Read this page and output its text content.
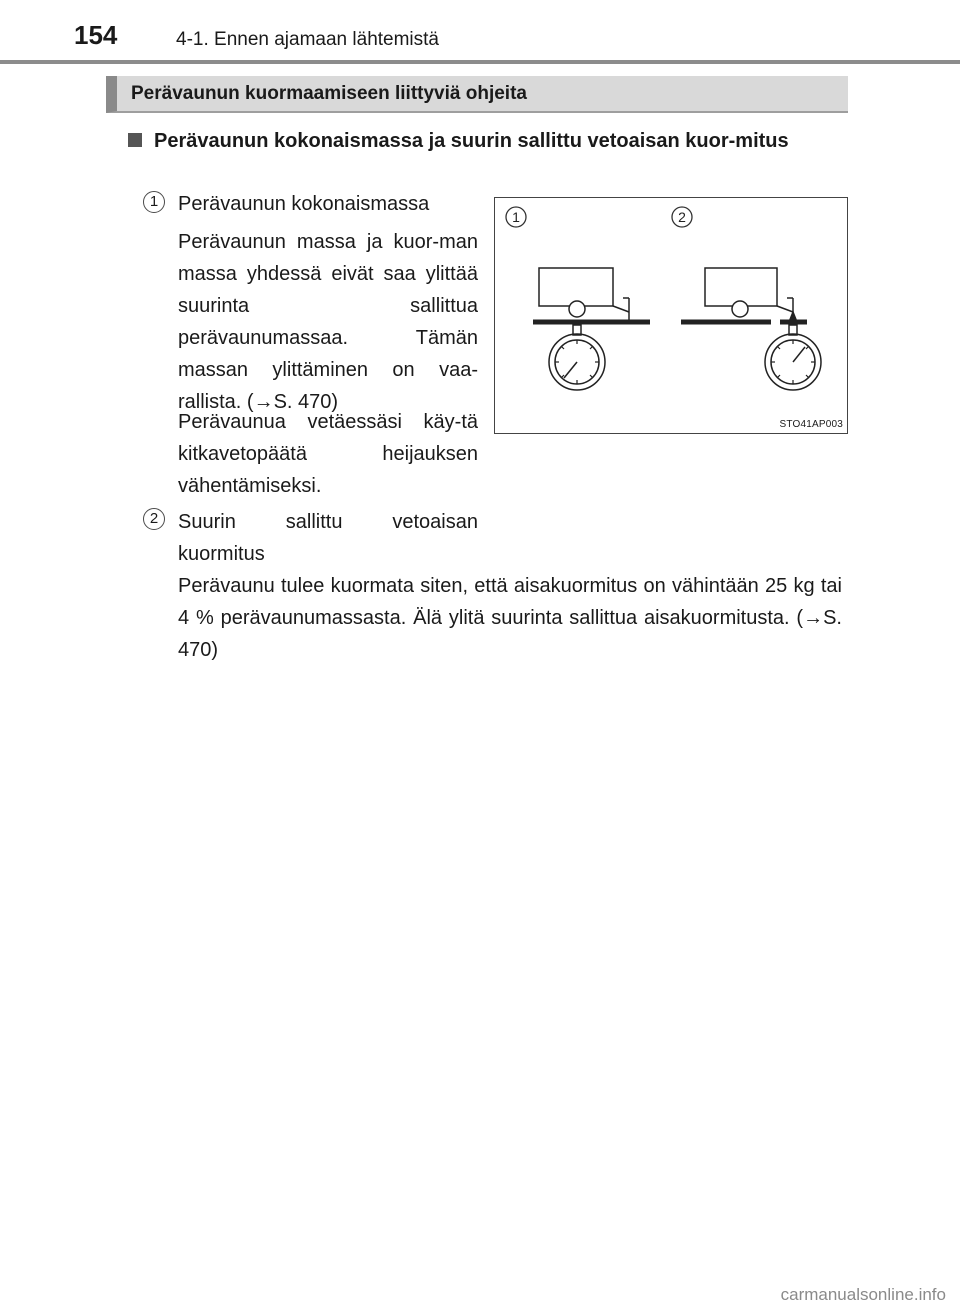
154	4-1. Ennen ajamaan lähtemistä
Perävaunun kuormaamiseen liittyviä ohjeita
Perävaunun kokonaismassa ja suurin sallittu vetoaisan kuor-mitus
1 Perävaunun kokonaismassa

Perävaunun massa ja kuor-man massa yhdessä eivät saa ylittää suurinta sallittua perävaunumassaa. Tämän massan ylittäminen on vaa-rallista. (→S. 470)

Perävaunua vetäessäsi käy-tä kitkavetopäätä heijauksen vähentämiseksi.

2 Suurin sallittu vetoaisan kuormitus

Perävaunu tulee kuormata siten, että aisakuormitus on vähintään 25 kg tai 4 % perävaunumassasta. Älä ylitä suurinta sallittua aisakuormitusta. (→S. 470)

1	2
STO41AP003
carmanualsonline.info
